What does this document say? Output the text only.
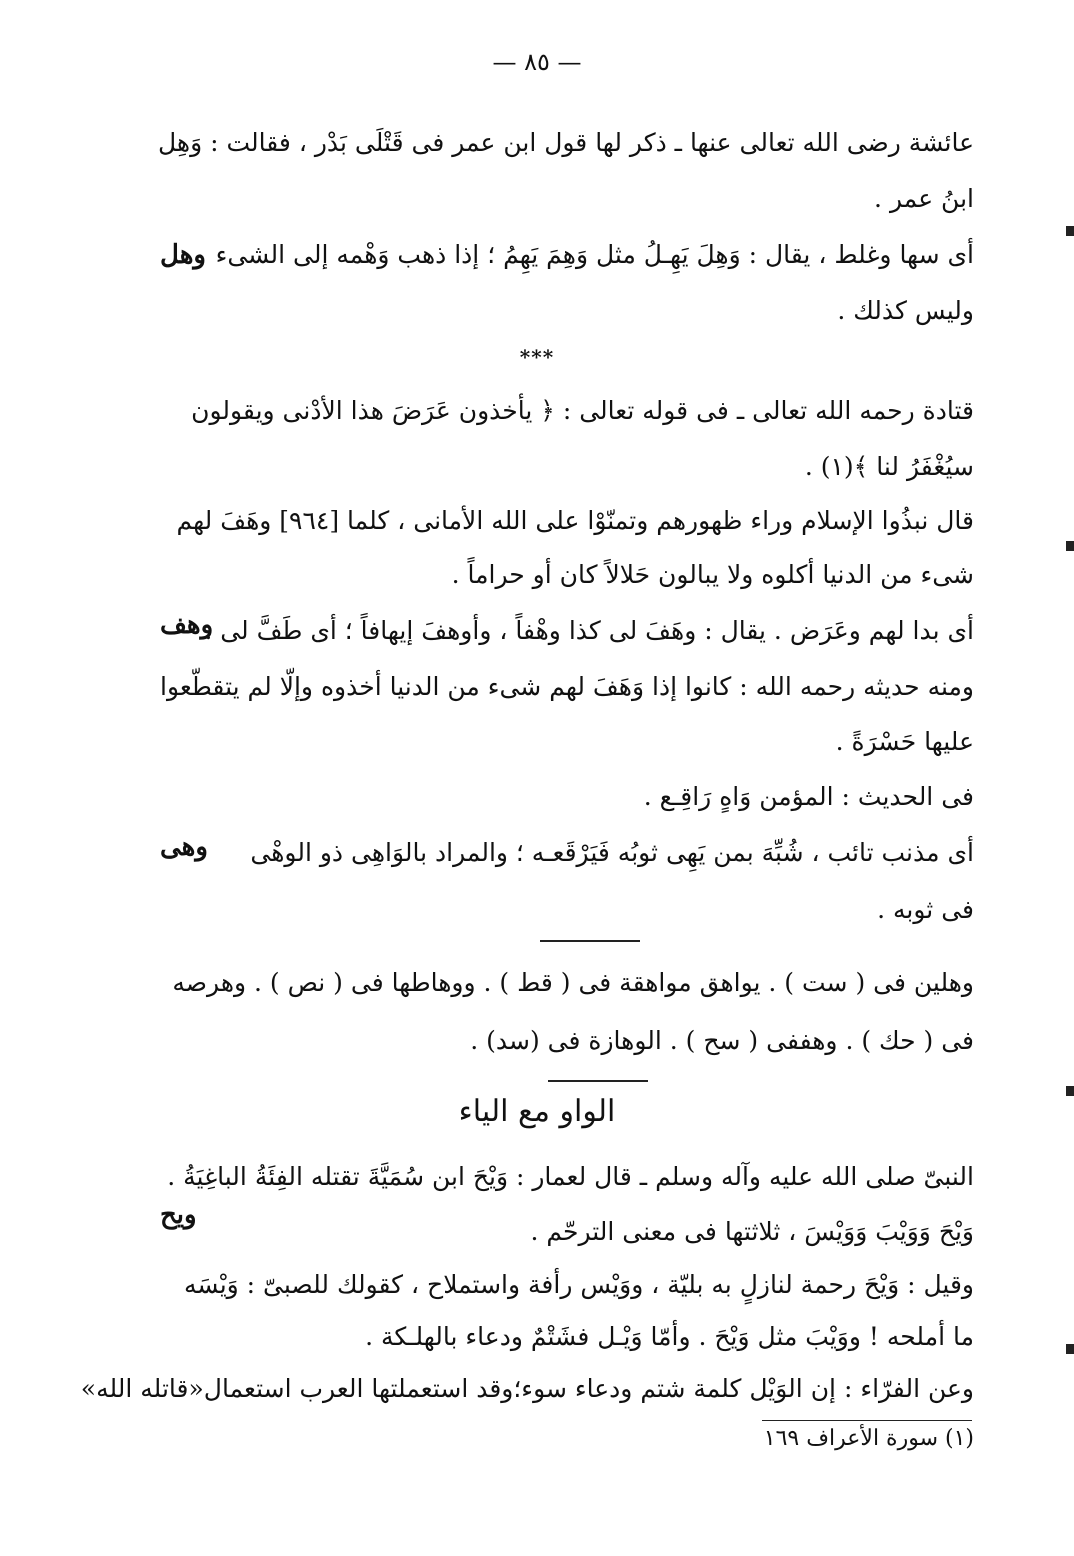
— ٨٥ —
عائشة رضى الله تعالى عنها ـ ذكر لها قول ابن عمر فى قَتْلَى بَدْر ، فقالت : وَهِل
ابنُ عمر .
أى سها وغلط ، يقال : وَهِلَ يَهِـلُ مثل وَهِمَ يَهِمُ ؛ إذا ذهب وَهْمه إلى الشىء
وهل
وليس كذلك .
***
قتادة رحمه الله تعالى ـ فى قوله تعالى : ﴿ يأخذون عَرَضَ هذا الأدْنى ويقولون
سيُغْفَرُ لنا ﴾(١) .
قال نبذُوا الإسلام وراء ظهورهم وتمنّوْا على الله الأمانى ، كلما [٩٦٤] وهَفَ لهم
شىء من الدنيا أكلوه ولا يبالون حَلالاً كان أو حراماً .
أى بدا لهم وعَرَض . يقال : وهَفَ لى كذا وهْفاً ، وأوهفَ إيهافاً ؛ أى طَفَّ لى .
وهف
ومنه حديثه رحمه الله : كانوا إذا وَهَفَ لهم شىء من الدنيا أخذوه وإلّا لم يتقطّعوا
عليها حَسْرَةً .
فى الحديث : المؤمن وَاهٍ رَاقِـع .
أى مذنب تائب ، شُبِّهَ بمن يَهِى ثوبُه فَيَرْقَعـه ؛ والمراد بالوَاهِى ذو الوهْى
وهى
فى ثوبه .
وهلين فى ( ست ) . يواهق مواهقة فى ( قط ) . ووهاطها فى ( نص ) . وهرصه
فى ( حك ) . وهففى ( سح ) . الوهازة فى (سد) .
الواو مع الياء
النبىّ صلى الله عليه وآله وسلم ـ قال لعمار : وَيْحَ ابن سُمَيَّةَ تقتله الفِئَةُ الباغِيَةُ .
ويح
وَيْحَ وَوَيْبَ وَوَيْسَ ، ثلاثتها فى معنى الترحّم .
وقيل : وَيْحَ رحمة لنازلٍ به بليّة ، ووَيْس رأفة واستملاح ، كقولك للصبىّ : وَيْسَه
ما أملحه ! ووَيْبَ مثل وَيْحَ . وأمّا وَيْـل فشَتْمٌ ودعاء بالهلـكة .
وعن الفرّاء : إن الوَيْل كلمة شتم ودعاء سوء؛وقد استعملتها العرب استعمال«قاتله الله»
(١) سورة الأعراف ١٦٩
